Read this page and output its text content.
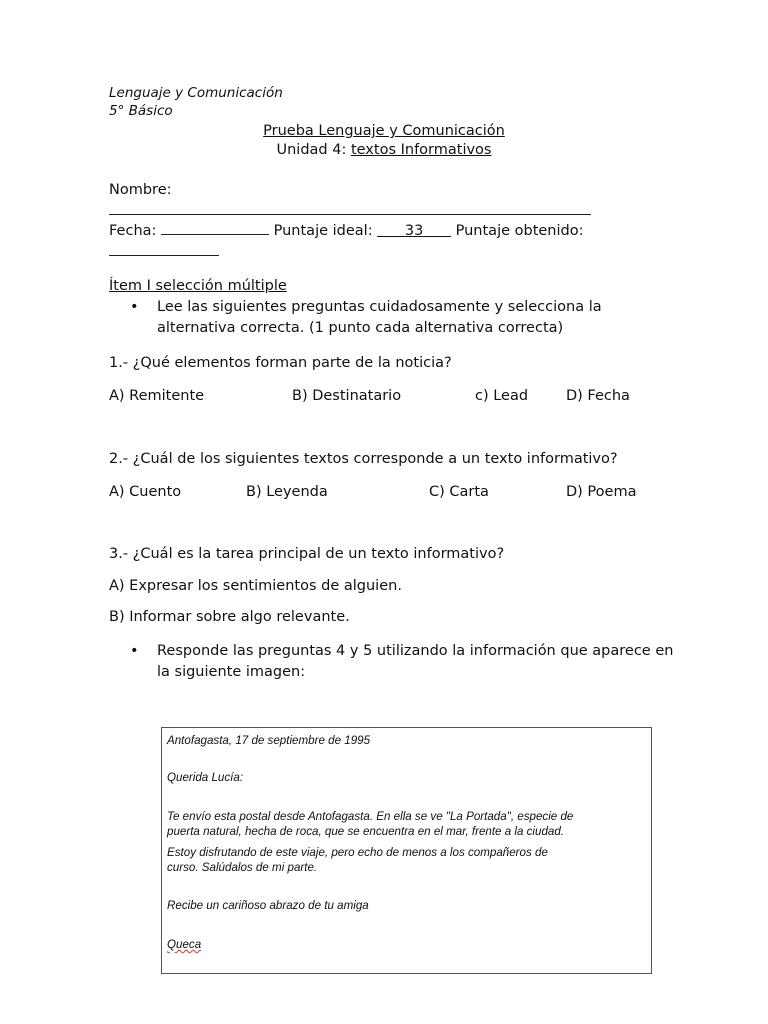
Lenguaje y Comunicación
5° Básico
Prueba Lenguaje y Comunicación
Unidad 4: textos Informativos
Nombre:
Fecha:	Puntaje ideal:     33    Puntaje obtenido:
Ítem I selección múltiple
• Lee las siguientes preguntas cuidadosamente y selecciona la alternativa correcta. (1 punto cada alternativa correcta)
1.- ¿Qué elementos forman parte de la noticia?
A) Remitente	B) Destinatario	c) Lead	D) Fecha
2.- ¿Cuál de los siguientes textos corresponde a un texto informativo?
A) Cuento	B) Leyenda	C) Carta	D) Poema
3.- ¿Cuál es la tarea principal de un texto informativo?
A) Expresar los sentimientos de alguien.
B) Informar sobre algo relevante.
• Responde las preguntas 4 y 5 utilizando la información que aparece en la siguiente imagen:
Antofagasta, 17 de septiembre de 1995
Querida Lucía:
Te envío esta postal desde Antofagasta. En ella se ve "La Portada", especie de
puerta natural, hecha de roca, que se encuentra en el mar, frente a la ciudad.
Estoy disfrutando de este viaje, pero echo de menos a los compañeros de
curso. Salúdalos de mi parte.
Recibe un cariñoso abrazo de tu amiga
Queca
